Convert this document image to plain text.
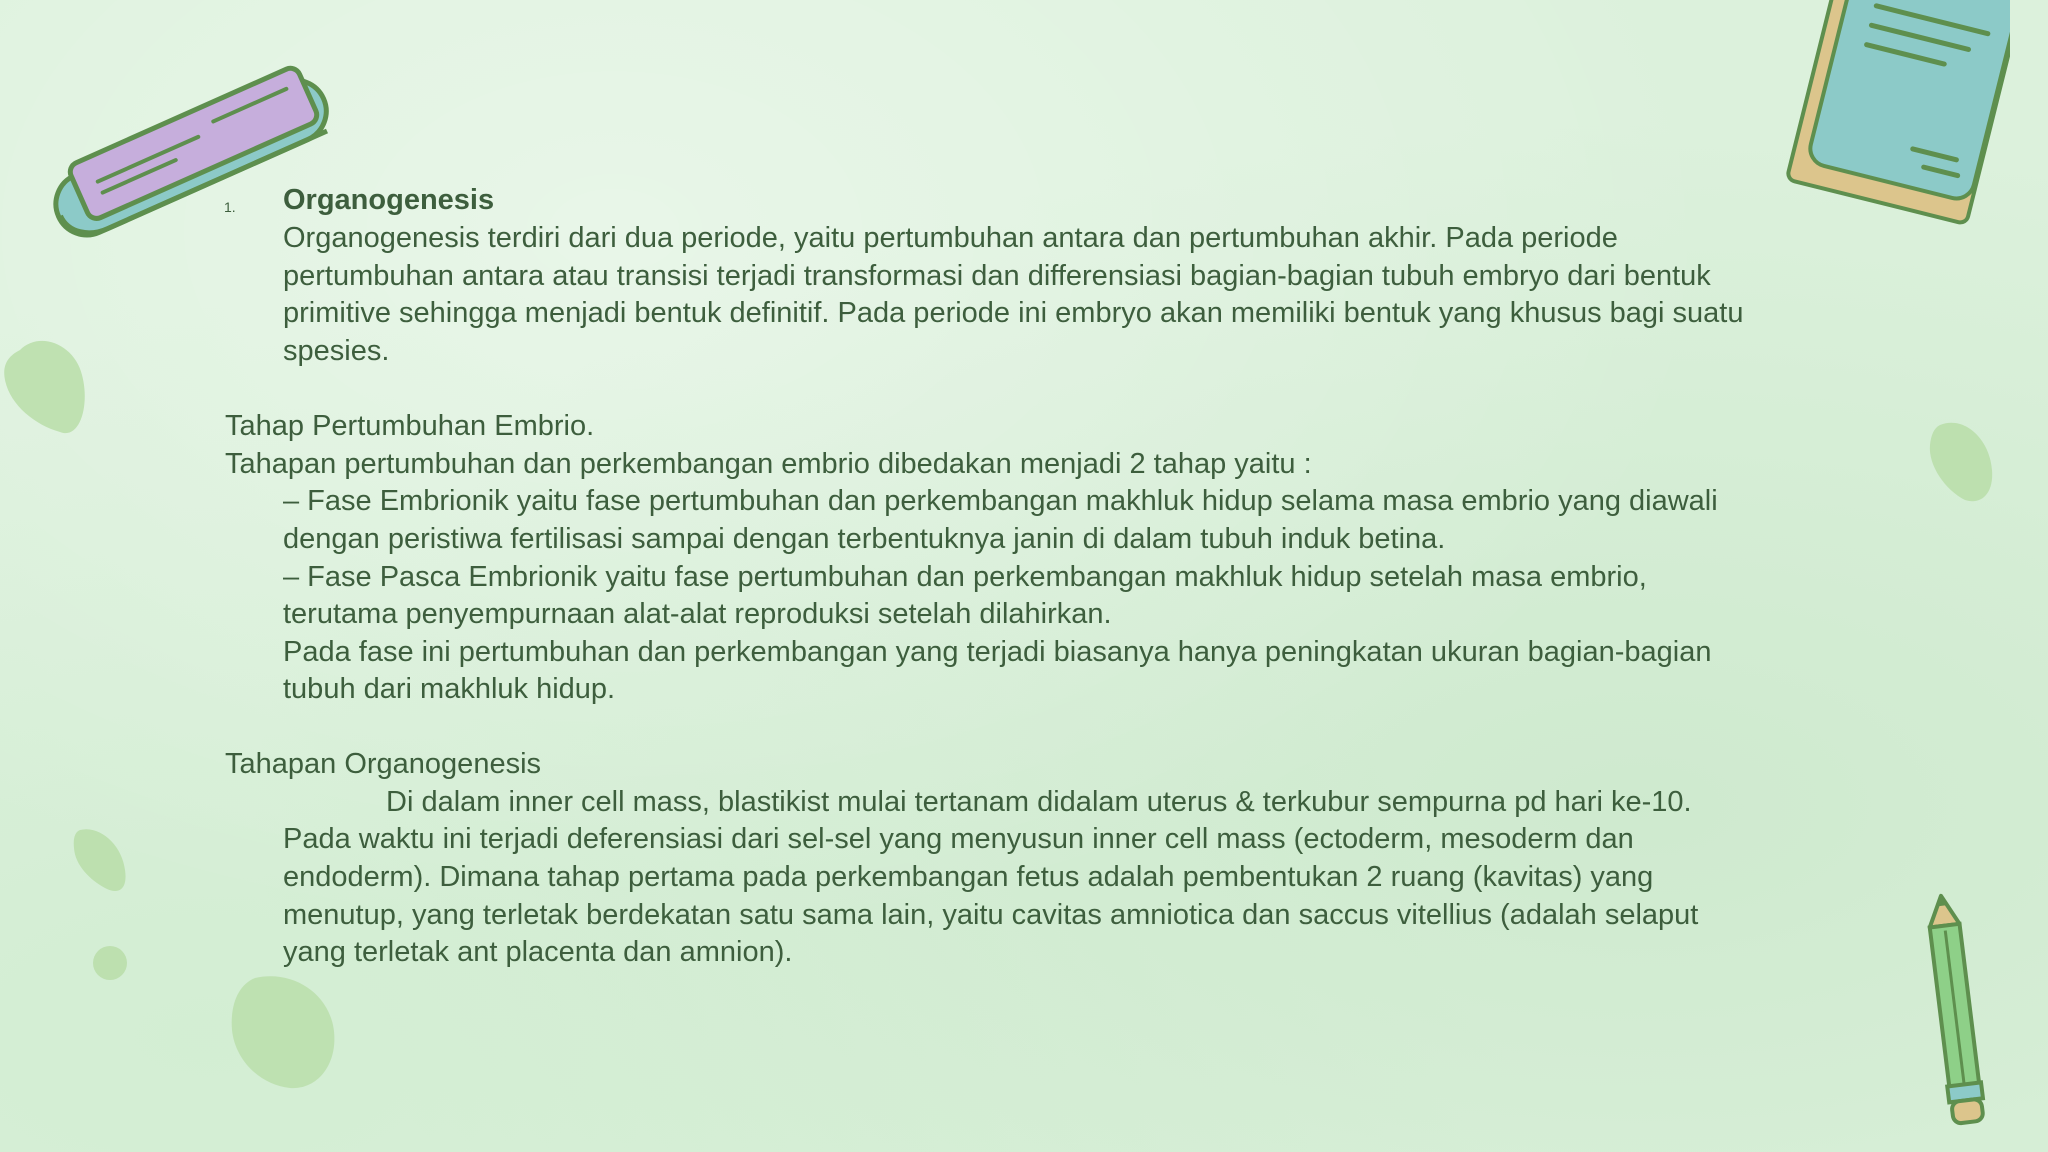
1. Organogenesis
Organogenesis terdiri dari dua periode, yaitu pertumbuhan antara dan pertumbuhan akhir. Pada periode
pertumbuhan antara atau transisi terjadi transformasi dan differensiasi bagian-bagian tubuh embryo dari bentuk
primitive sehingga menjadi bentuk definitif. Pada periode ini embryo akan memiliki bentuk yang khusus bagi suatu
spesies.
Tahap Pertumbuhan Embrio.
Tahapan pertumbuhan dan perkembangan embrio dibedakan menjadi 2 tahap yaitu :
– Fase Embrionik yaitu fase pertumbuhan dan perkembangan makhluk hidup selama masa embrio yang diawali
dengan peristiwa fertilisasi sampai dengan terbentuknya janin di dalam tubuh induk betina.
– Fase Pasca Embrionik yaitu fase pertumbuhan dan perkembangan makhluk hidup setelah masa embrio,
terutama penyempurnaan alat-alat reproduksi setelah dilahirkan.
Pada fase ini pertumbuhan dan perkembangan yang terjadi biasanya hanya peningkatan ukuran bagian-bagian
tubuh dari makhluk hidup.
Tahapan Organogenesis
Di dalam inner cell mass, blastikist mulai tertanam didalam uterus & terkubur sempurna pd hari ke-10.
Pada waktu ini terjadi deferensiasi dari sel-sel yang menyusun inner cell mass (ectoderm, mesoderm dan
endoderm). Dimana tahap pertama pada perkembangan fetus adalah pembentukan 2 ruang (kavitas) yang
menutup, yang terletak berdekatan satu sama lain, yaitu cavitas amniotica dan saccus vitellius (adalah selaput
yang terletak ant placenta dan amnion).
